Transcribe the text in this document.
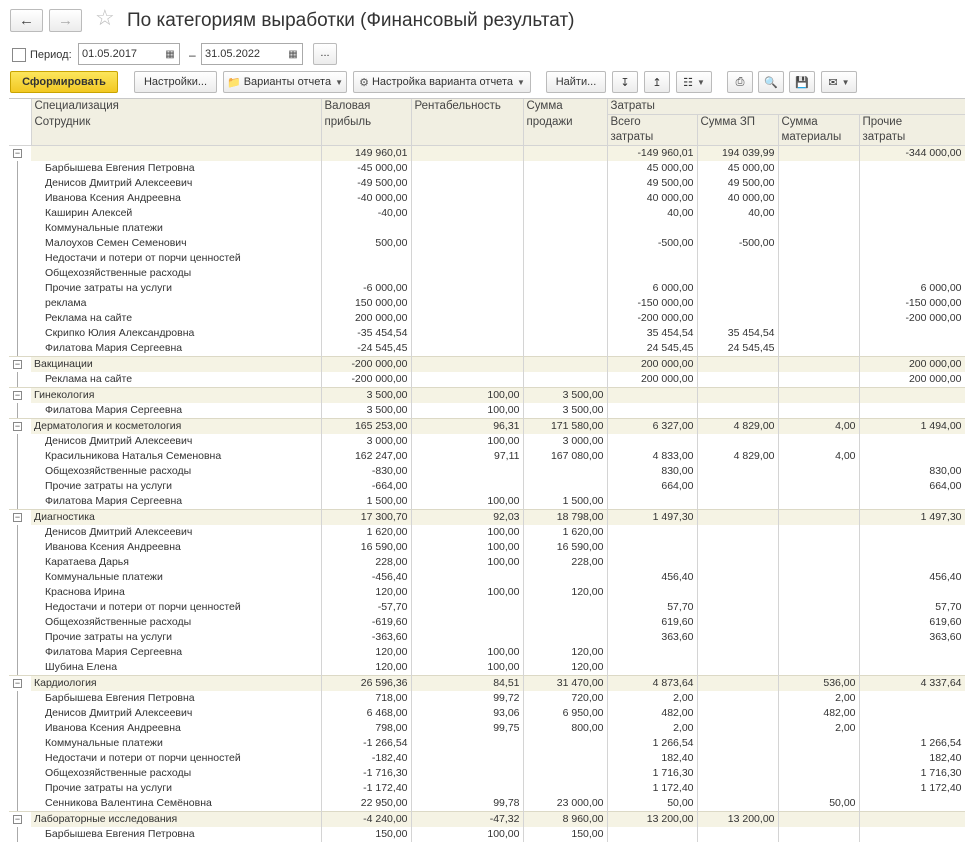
← → ☆ По категориям выработки (Финансовый результат)
Период:
01.05.2017	▦	–
31.05.2022	▦	...
Сформировать	Настройки...	📁 Варианты отчета ▼ ⚙ Настройка варианта отчета ▼	Найти...	↧	↥	☷ ▼	⎙	🔍	💾	✉ ▼
	Специализация	Валовая	Рентабельность	Сумма	Затраты			
	Сотрудник	прибыль		продажи	Всего	Сумма ЗП	Сумма	Прочие
					затраты		материалы	затраты

−		149 960,01			-149 960,01	194 039,99		-344 000,00

	Барбышева Евгения Петровна	-45 000,00			45 000,00	45 000,00		

	Денисов Дмитрий Алексеевич	-49 500,00			49 500,00	49 500,00		

	Иванова Ксения Андреевна	-40 000,00			40 000,00	40 000,00		

	Каширин Алексей	-40,00			40,00	40,00		

	Коммунальные платежи							

	Малоухов Семен Семенович	500,00			-500,00	-500,00		

	Недостачи и потери от порчи ценностей							

	Общехозяйственные расходы							

	Прочие затраты на услуги	-6 000,00			6 000,00			6 000,00

	реклама	150 000,00			-150 000,00			-150 000,00

	Реклама на сайте	200 000,00			-200 000,00			-200 000,00

	Скрипко Юлия Александровна	-35 454,54			35 454,54	35 454,54		

	Филатова Мария Сергеевна	-24 545,45			24 545,45	24 545,45		

−	Вакцинации	-200 000,00			200 000,00			200 000,00

	Реклама на сайте	-200 000,00			200 000,00			200 000,00

−	Гинекология	3 500,00	100,00	3 500,00				

	Филатова Мария Сергеевна	3 500,00	100,00	3 500,00				

−	Дерматология и косметология	165 253,00	96,31	171 580,00	6 327,00	4 829,00	4,00	1 494,00

	Денисов Дмитрий Алексеевич	3 000,00	100,00	3 000,00				

	Красильникова Наталья Семеновна	162 247,00	97,11	167 080,00	4 833,00	4 829,00	4,00	

	Общехозяйственные расходы	-830,00			830,00			830,00

	Прочие затраты на услуги	-664,00			664,00			664,00

	Филатова Мария Сергеевна	1 500,00	100,00	1 500,00				

−	Диагностика	17 300,70	92,03	18 798,00	1 497,30			1 497,30

	Денисов Дмитрий Алексеевич	1 620,00	100,00	1 620,00				

	Иванова Ксения Андреевна	16 590,00	100,00	16 590,00				

	Каратаева Дарья	228,00	100,00	228,00				

	Коммунальные платежи	-456,40			456,40			456,40

	Краснова Ирина	120,00	100,00	120,00				

	Недостачи и потери от порчи ценностей	-57,70			57,70			57,70

	Общехозяйственные расходы	-619,60			619,60			619,60

	Прочие затраты на услуги	-363,60			363,60			363,60

	Филатова Мария Сергеевна	120,00	100,00	120,00				

	Шубина Елена	120,00	100,00	120,00				

−	Кардиология	26 596,36	84,51	31 470,00	4 873,64		536,00	4 337,64

	Барбышева Евгения Петровна	718,00	99,72	720,00	2,00		2,00	

	Денисов Дмитрий Алексеевич	6 468,00	93,06	6 950,00	482,00		482,00	

	Иванова Ксения Андреевна	798,00	99,75	800,00	2,00		2,00	

	Коммунальные платежи	-1 266,54			1 266,54			1 266,54

	Недостачи и потери от порчи ценностей	-182,40			182,40			182,40

	Общехозяйственные расходы	-1 716,30			1 716,30			1 716,30

	Прочие затраты на услуги	-1 172,40			1 172,40			1 172,40

	Сенникова Валентина Семёновна	22 950,00	99,78	23 000,00	50,00		50,00	

−	Лабораторные исследования	-4 240,00	-47,32	8 960,00	13 200,00	13 200,00		

	Барбышева Евгения Петровна	150,00	100,00	150,00				
